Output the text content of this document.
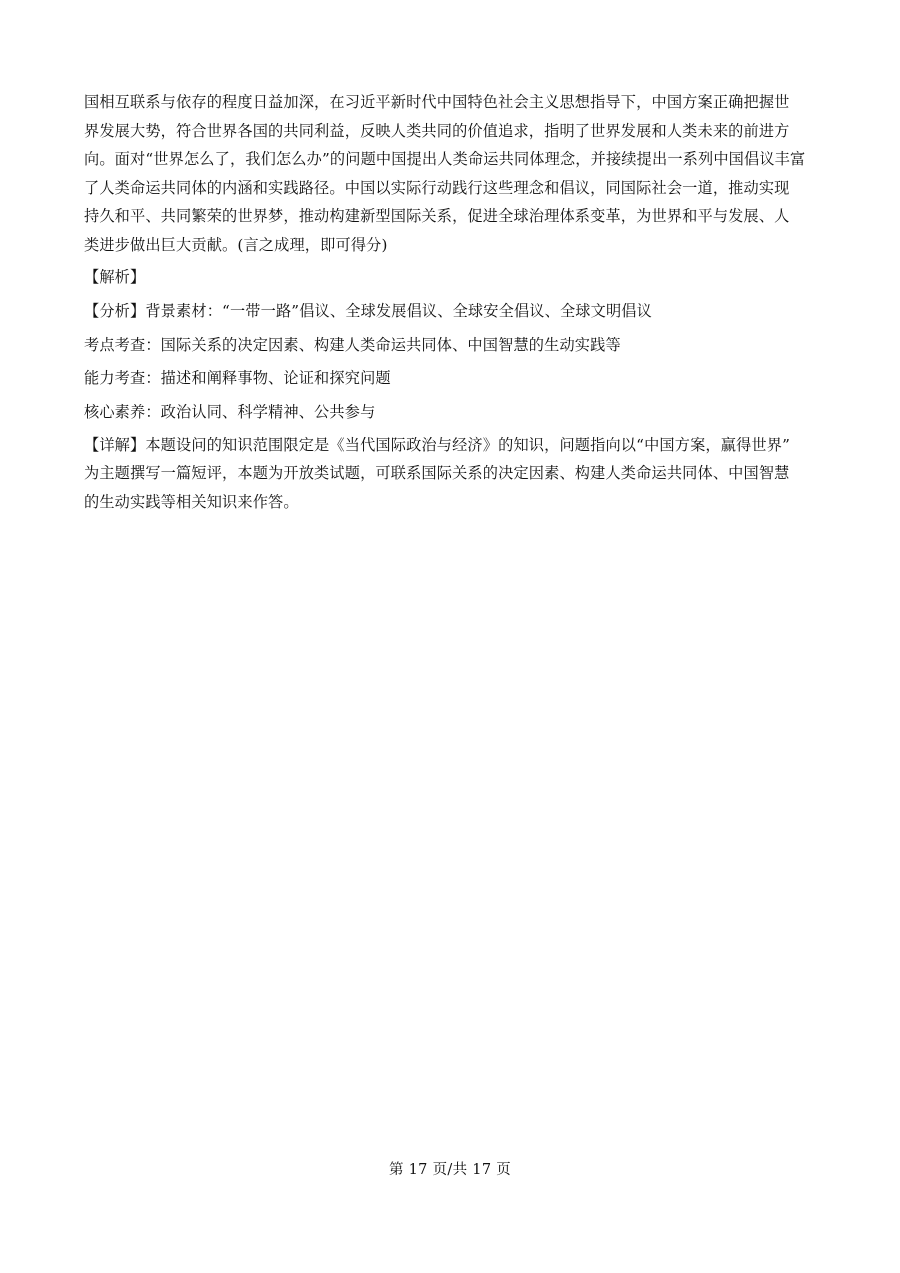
国相互联系与依存的程度日益加深，在习近平新时代中国特色社会主义思想指导下，中国方案正确把握世
界发展大势，符合世界各国的共同利益，反映人类共同的价值追求，指明了世界发展和人类未来的前进方
向。面对“世界怎么了，我们怎么办”的问题中国提出人类命运共同体理念，并接续提出一系列中国倡议丰富
了人类命运共同体的内涵和实践路径。中国以实际行动践行这些理念和倡议，同国际社会一道，推动实现
持久和平、共同繁荣的世界梦，推动构建新型国际关系，促进全球治理体系变革，为世界和平与发展、人
类进步做出巨大贡献。(言之成理，即可得分)
【解析】
【分析】背景素材：“一带一路”倡议、全球发展倡议、全球安全倡议、全球文明倡议
考点考查：国际关系的决定因素、构建人类命运共同体、中国智慧的生动实践等
能力考查：描述和阐释事物、论证和探究问题
核心素养：政治认同、科学精神、公共参与
【详解】本题设问的知识范围限定是《当代国际政治与经济》的知识，问题指向以“中国方案，赢得世界”
为主题撰写一篇短评，本题为开放类试题，可联系国际关系的决定因素、构建人类命运共同体、中国智慧
的生动实践等相关知识来作答。
第 17 页/共 17 页
